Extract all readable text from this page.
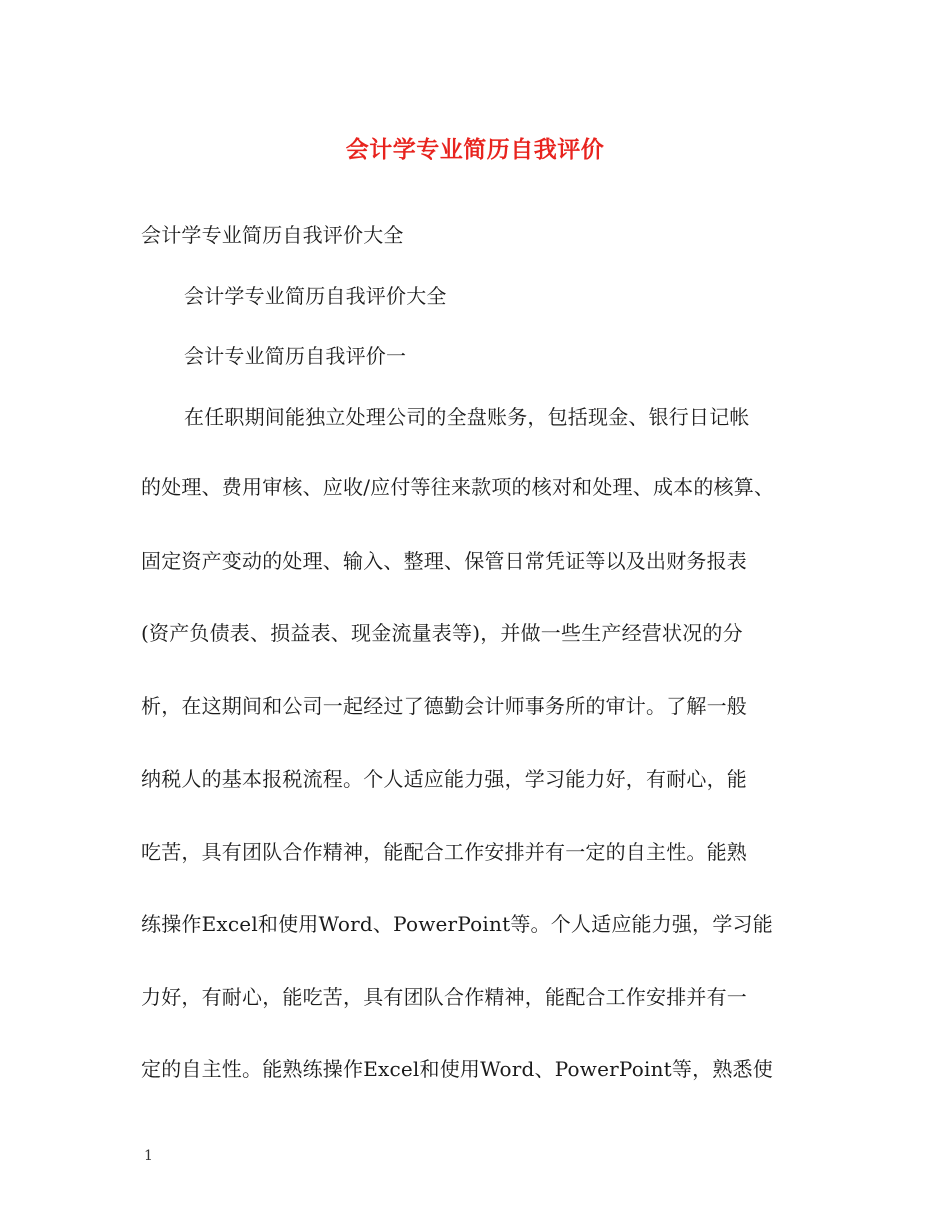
会计学专业简历自我评价
会计学专业简历自我评价大全
会计学专业简历自我评价大全
会计专业简历自我评价一
在任职期间能独立处理公司的全盘账务，包括现金、银行日记帐
的处理、费用审核、应收/应付等往来款项的核对和处理、成本的核算、
固定资产变动的处理、输入、整理、保管日常凭证等以及出财务报表
(资产负债表、损益表、现金流量表等)，并做一些生产经营状况的分
析，在这期间和公司一起经过了德勤会计师事务所的审计。了解一般
纳税人的基本报税流程。个人适应能力强，学习能力好，有耐心，能
吃苦，具有团队合作精神，能配合工作安排并有一定的自主性。能熟
练操作Excel和使用Word、PowerPoint等。个人适应能力强，学习能
力好，有耐心，能吃苦，具有团队合作精神，能配合工作安排并有一
定的自主性。能熟练操作Excel和使用Word、PowerPoint等，熟悉使
1
